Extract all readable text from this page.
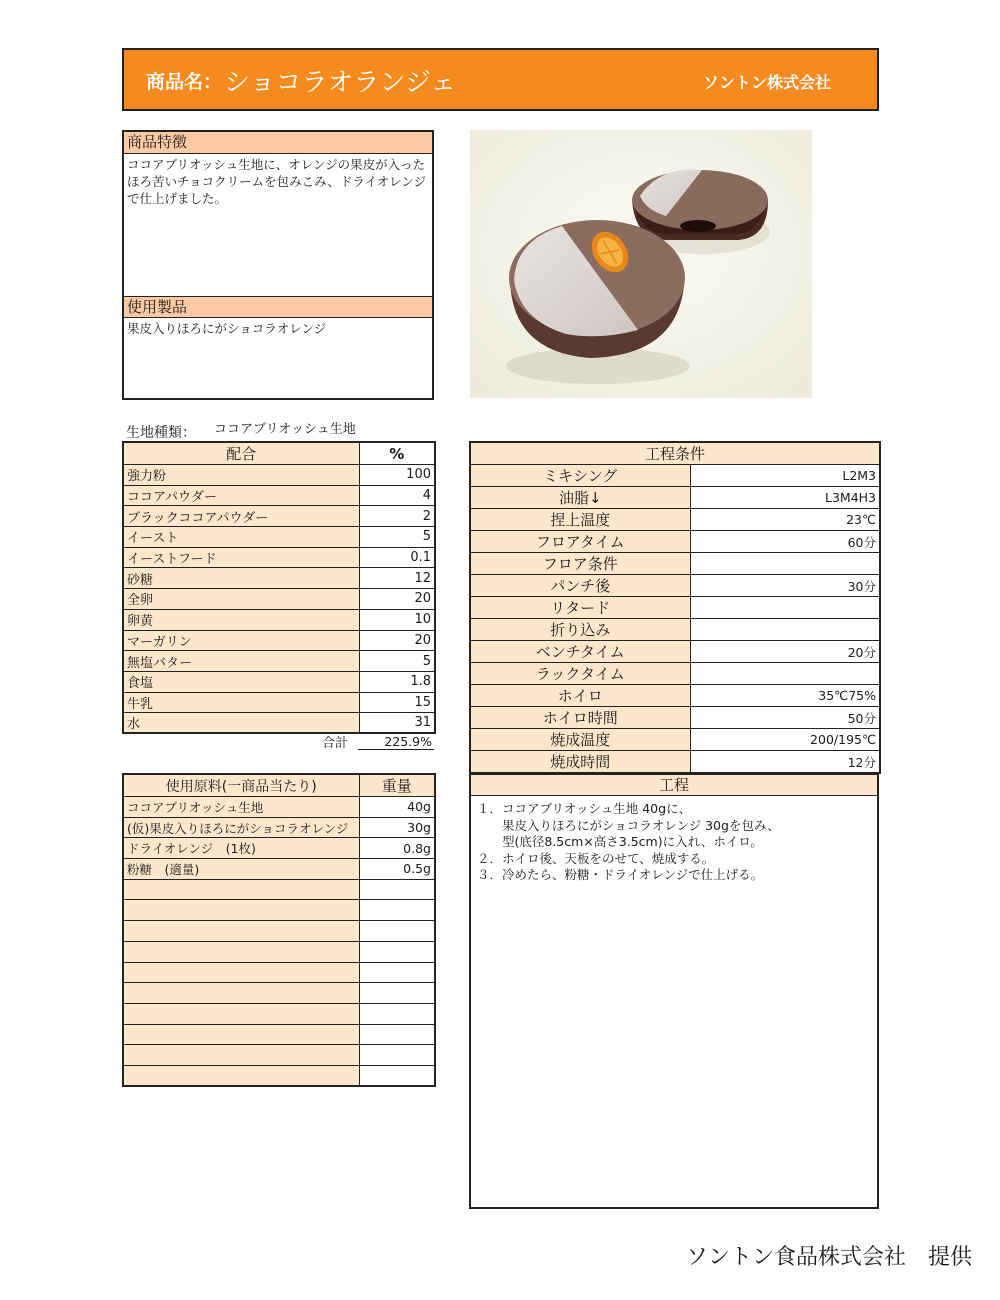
商品名： ショコラオランジェ	ソントン株式会社
商品特徴
ココアブリオッシュ生地に、オレンジの果皮が入ったほろ苦いチョコクリームを包みこみ、ドライオレンジで仕上げました。
使用製品
果皮入りほろにがショコラオレンジ
生地種類： ココアブリオッシュ生地
配合	%
強力粉	100
ココアパウダー	4
ブラックココアパウダー	2
イースト	5
イーストフード	0.1
砂糖	12
全卵	20
卵黄	10
マーガリン	20
無塩バター	5
食塩	1.8
牛乳	15
水	31
合計	225.9%
工程条件	
ミキシング	L2M3
油脂↓	L3M4H3
捏上温度	23℃
フロアタイム	60分
フロア条件	
パンチ後	30分
リタード	
折り込み	
ベンチタイム	20分
ラックタイム	
ホイロ	35℃75%
ホイロ時間	50分
焼成温度	200/195℃
焼成時間	12分
使用原料(一商品当たり)	重量
ココアブリオッシュ生地	40g
(仮)果皮入りほろにがショコラオレンジ	30g
ドライオレンジ　(1枚)	0.8g
粉糖　(適量)	0.5g

工程
１．ココアブリオッシュ生地 40gに、
　　果皮入りほろにがショコラオレンジ 30gを包み、
　　型(底径8.5cm×高さ3.5cm)に入れ、ホイロ。
２．ホイロ後、天板をのせて、焼成する。
３．冷めたら、粉糖・ドライオレンジで仕上げる。
ソントン食品株式会社　提供
